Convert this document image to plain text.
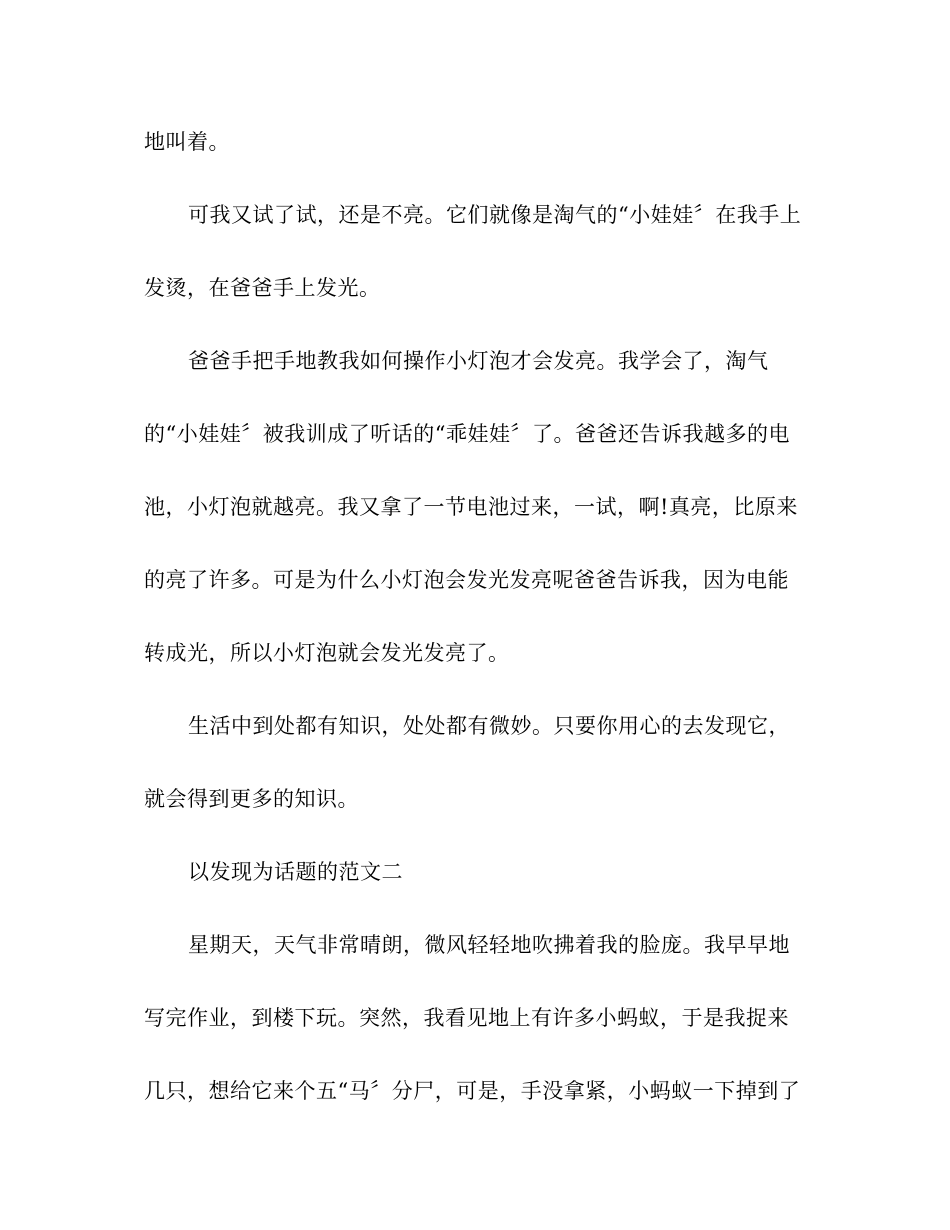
地叫着。
可我又试了试，还是不亮。它们就像是淘气的“小娃娃〞在我手上
发烫，在爸爸手上发光。
爸爸手把手地教我如何操作小灯泡才会发亮。我学会了，淘气
的“小娃娃〞被我训成了听话的“乖娃娃〞了。爸爸还告诉我越多的电
池，小灯泡就越亮。我又拿了一节电池过来，一试，啊!真亮，比原来
的亮了许多。可是为什么小灯泡会发光发亮呢爸爸告诉我，因为电能
转成光，所以小灯泡就会发光发亮了。
生活中到处都有知识，处处都有微妙。只要你用心的去发现它，
就会得到更多的知识。
以发现为话题的范文二
星期天，天气非常晴朗，微风轻轻地吹拂着我的脸庞。我早早地
写完作业，到楼下玩。突然，我看见地上有许多小蚂蚁，于是我捉来
几只，想给它来个五“马〞分尸，可是，手没拿紧，小蚂蚁一下掉到了
